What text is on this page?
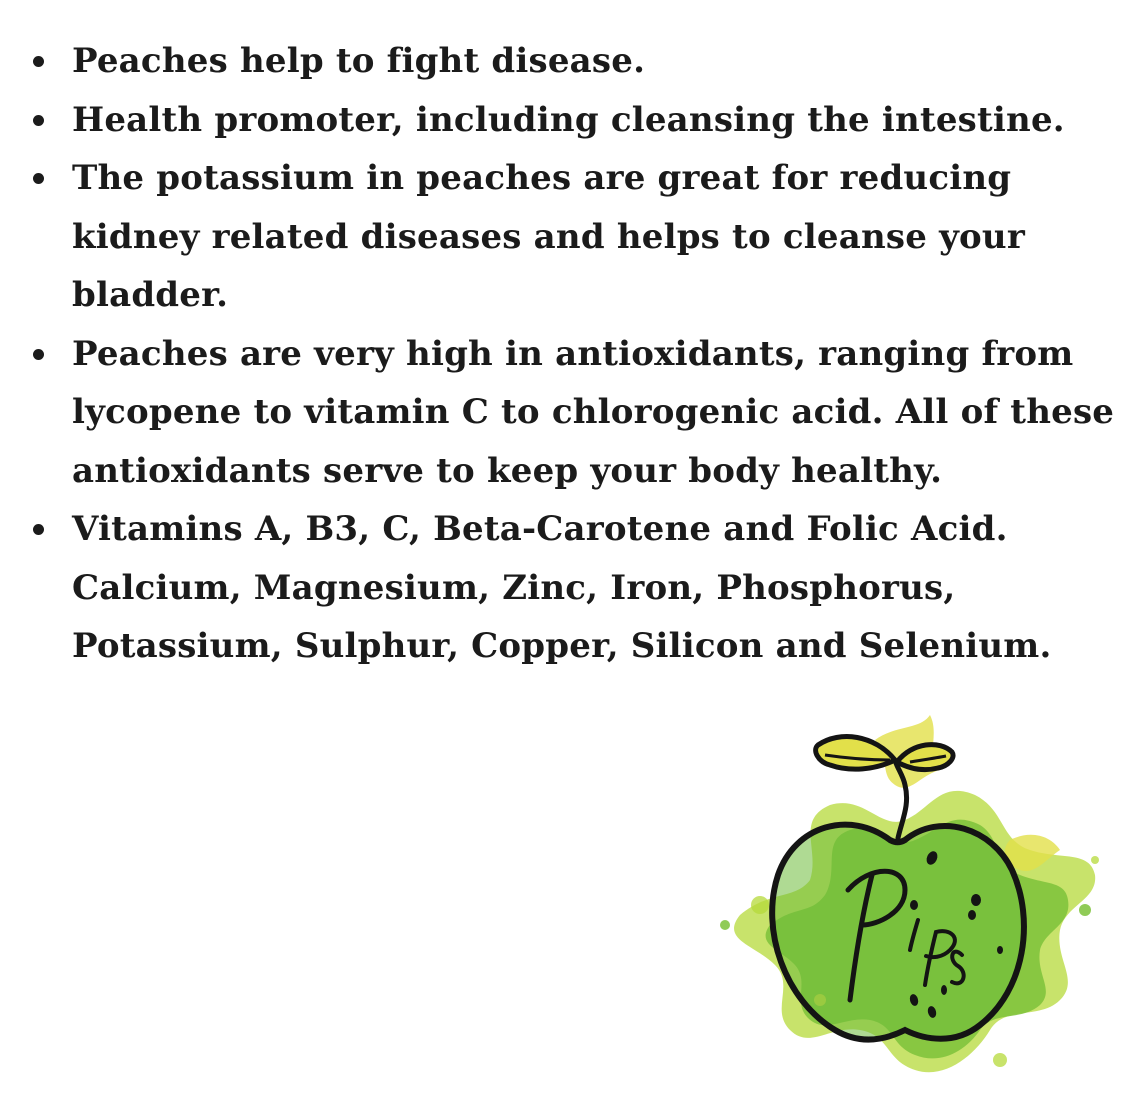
Peaches help to fight disease.
Health promoter, including cleansing the intestine.
The potassium in peaches are great for reducing
kidney related diseases and helps to cleanse your
bladder.
Peaches are very high in antioxidants, ranging from
lycopene to vitamin C to chlorogenic acid. All of these
antioxidants serve to keep your body healthy.
Vitamins A, B3, C, Beta-Carotene and Folic Acid.
Calcium, Magnesium, Zinc, Iron, Phosphorus,
Potassium, Sulphur, Copper, Silicon and Selenium.
